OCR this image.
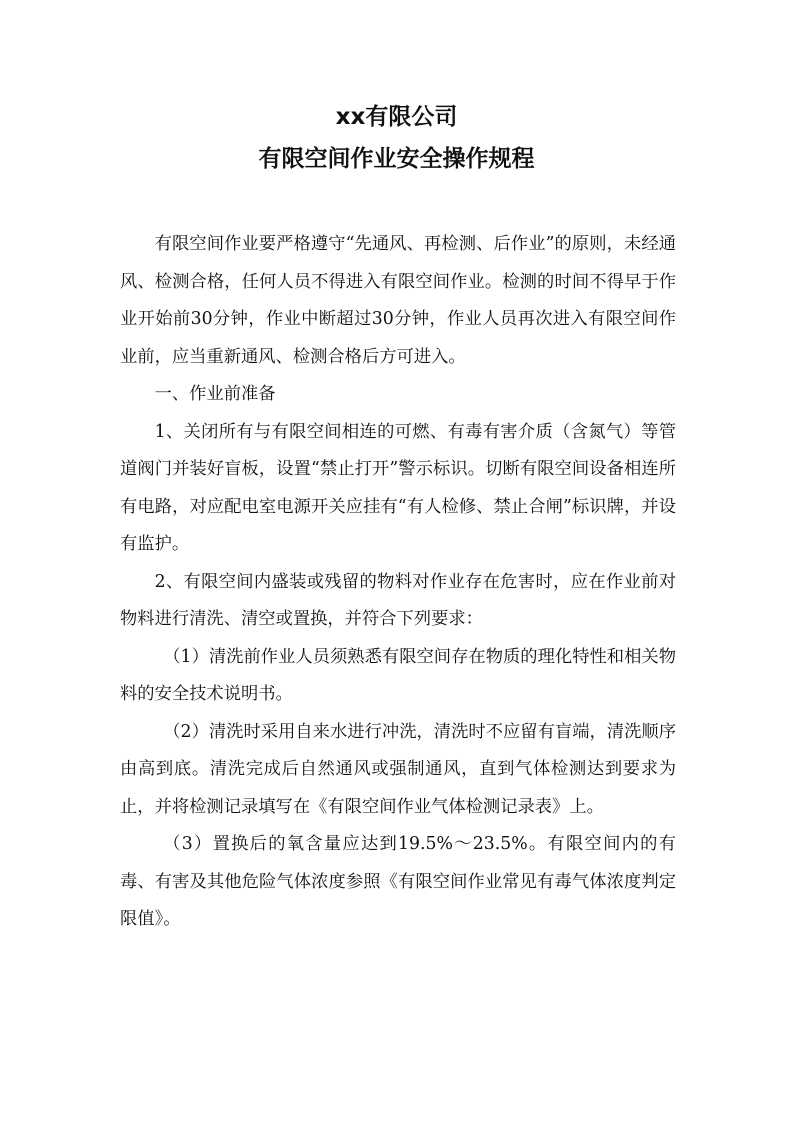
xx有限公司
有限空间作业安全操作规程

有限空间作业要严格遵守“先通风、再检测、后作业”的原则，未经通风、检测合格，任何人员不得进入有限空间作业。检测的时间不得早于作业开始前30分钟，作业中断超过30分钟，作业人员再次进入有限空间作业前，应当重新通风、检测合格后方可进入。

一、作业前准备

1、关闭所有与有限空间相连的可燃、有毒有害介质（含氮气）等管道阀门并装好盲板，设置“禁止打开”警示标识。切断有限空间设备相连所有电路，对应配电室电源开关应挂有“有人检修、禁止合闸”标识牌，并设有监护。

2、有限空间内盛装或残留的物料对作业存在危害时，应在作业前对物料进行清洗、清空或置换，并符合下列要求：

（1）清洗前作业人员须熟悉有限空间存在物质的理化特性和相关物料的安全技术说明书。

（2）清洗时采用自来水进行冲洗，清洗时不应留有盲端，清洗顺序由高到底。清洗完成后自然通风或强制通风，直到气体检测达到要求为止，并将检测记录填写在《有限空间作业气体检测记录表》上。

（3）置换后的氧含量应达到19.5%～23.5%。有限空间内的有毒、有害及其他危险气体浓度参照《有限空间作业常见有毒气体浓度判定限值》。
